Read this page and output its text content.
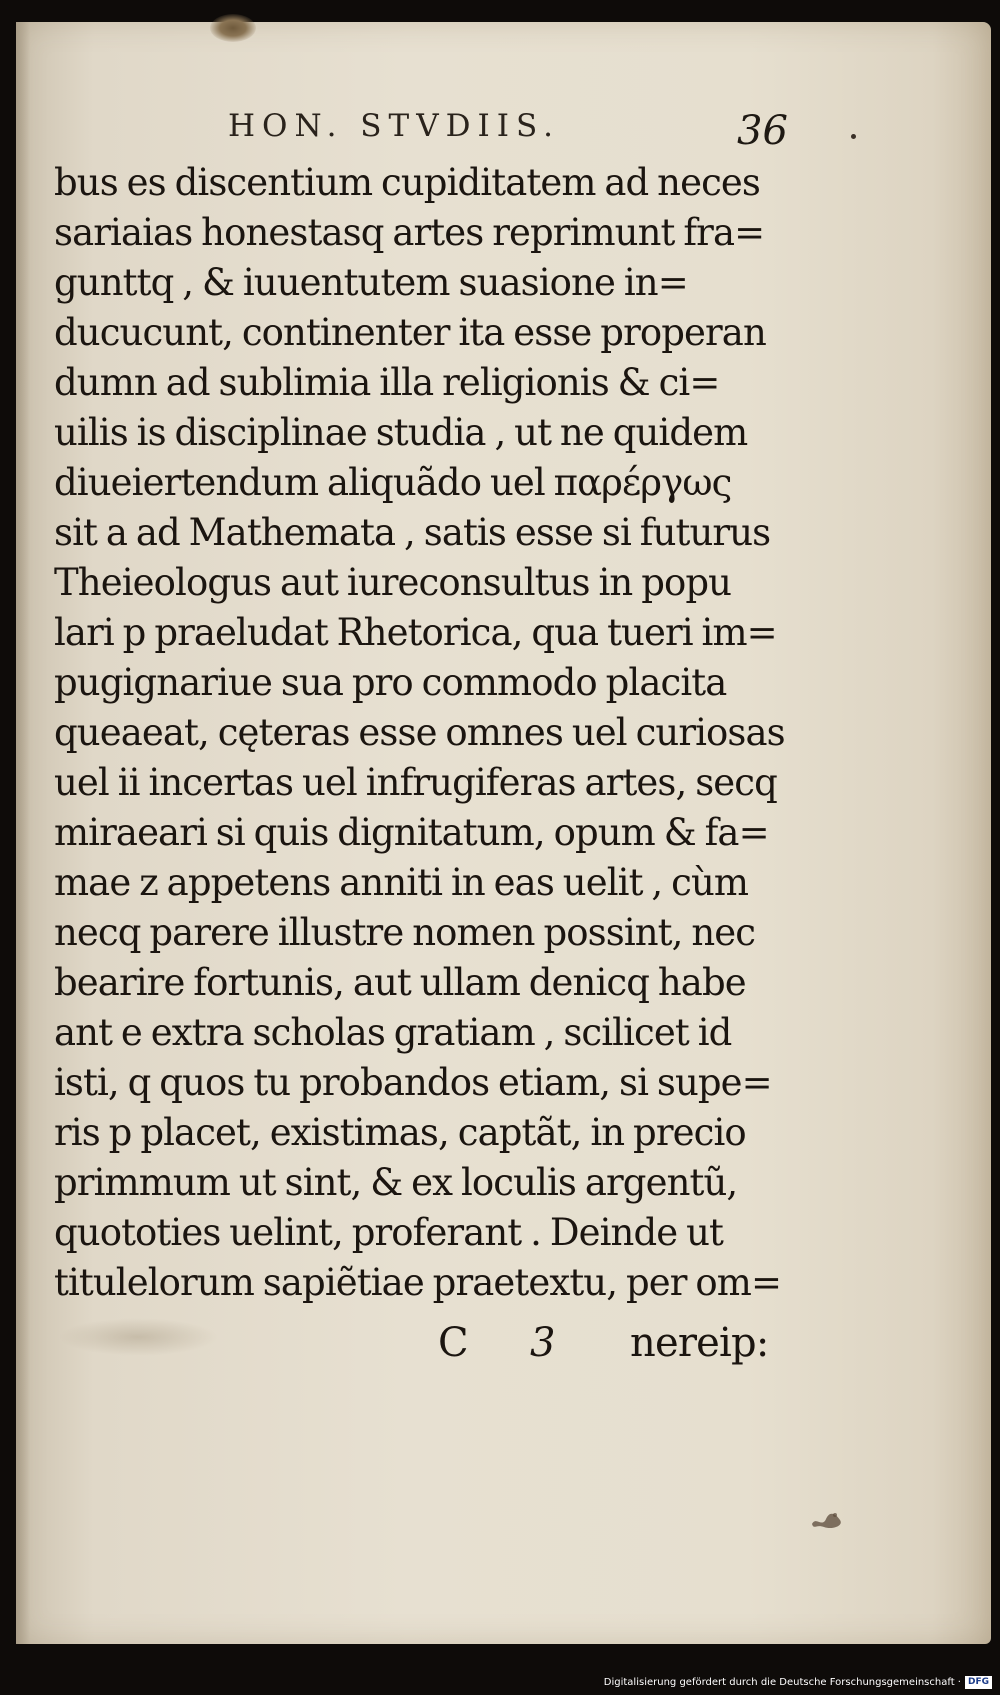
HON. STVDIIS.	36
bus es discentium cupiditatem ad neces
sariaias honestasq artes reprimunt fra=
gunttq , & iuuentutem suasione in=
ducucunt, continenter ita esse properan
dumn ad sublimia illa religionis & ci=
uilis is disciplinae studia , ut ne quidem
diueiertendum aliquãdo uel παρέργως
sit a ad Mathemata , satis esse si futurus
Theieologus aut iureconsultus in popu
lari p praeludat Rhetorica, qua tueri im=
pugignariue sua pro commodo placita
queaeat, cęteras esse omnes uel curiosas
uel ii incertas uel infrugiferas artes, secq
miraeari si quis dignitatum, opum & fa=
mae z appetens anniti in eas uelit , cùm
necq parere illustre nomen possint, nec
bearire fortunis, aut ullam denicq habe
ant e extra scholas gratiam , scilicet id
isti, q quos tu probandos etiam, si supe=
ris p placet, existimas, captãt, in precio
primmum ut sint, & ex loculis argentũ,
quototies uelint, proferant . Deinde ut
titulelorum sapiẽtiae praetextu, per om=
C 3 nereip:
Digitalisierung gefördert durch die Deutsche Forschungsgemeinschaft · DFG
